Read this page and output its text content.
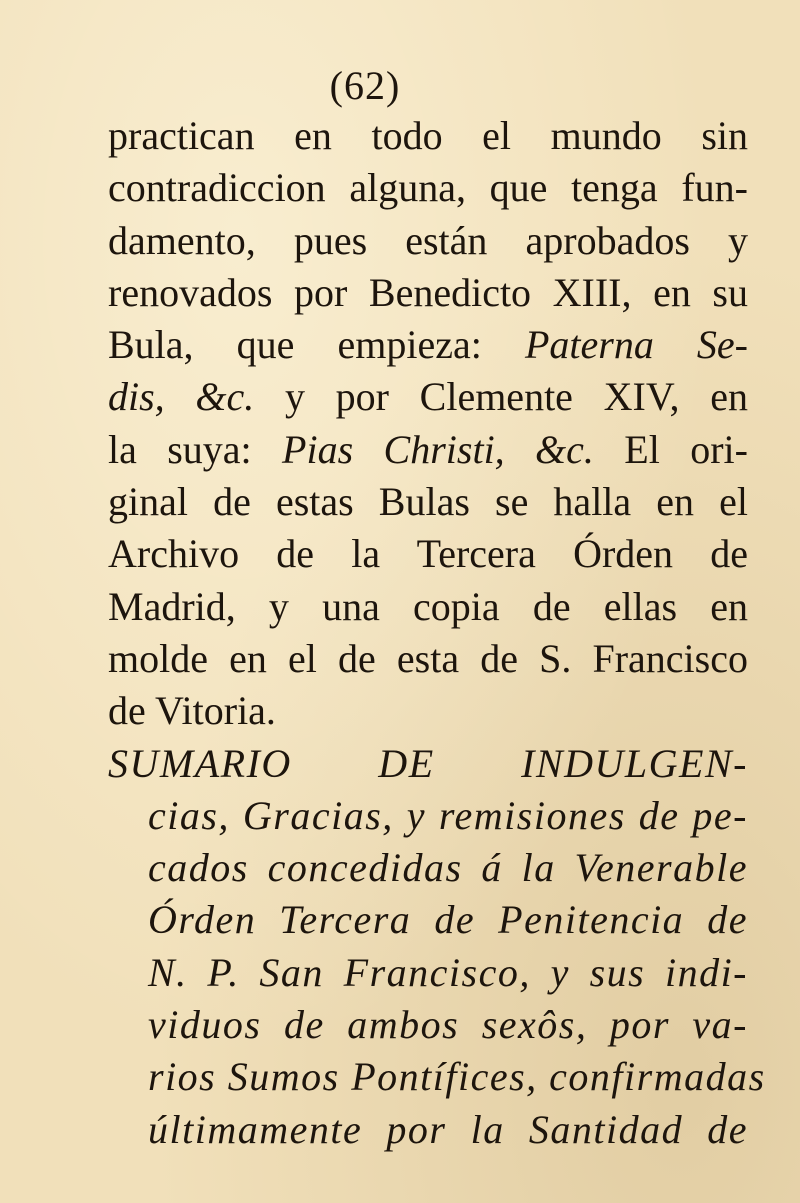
(62)
practican en todo el mundo sin
contradiccion alguna, que tenga fun-
damento, pues están aprobados y
renovados por Benedicto XIII, en su
Bula, que empieza: Paterna Se-
dis, &c. y por Clemente XIV, en
la suya: Pias Christi, &c. El ori-
ginal de estas Bulas se halla en el
Archivo de la Tercera Órden de
Madrid, y una copia de ellas en
molde en el de esta de S. Francisco
de Vitoria.
SUMARIO DE INDULGEN-
cias, Gracias, y remisiones de pe-
cados concedidas á la Venerable
Órden Tercera de Penitencia de
N. P. San Francisco, y sus indi-
viduos de ambos sexôs, por va-
rios Sumos Pontífices, confirmadas
últimamente por la Santidad de
